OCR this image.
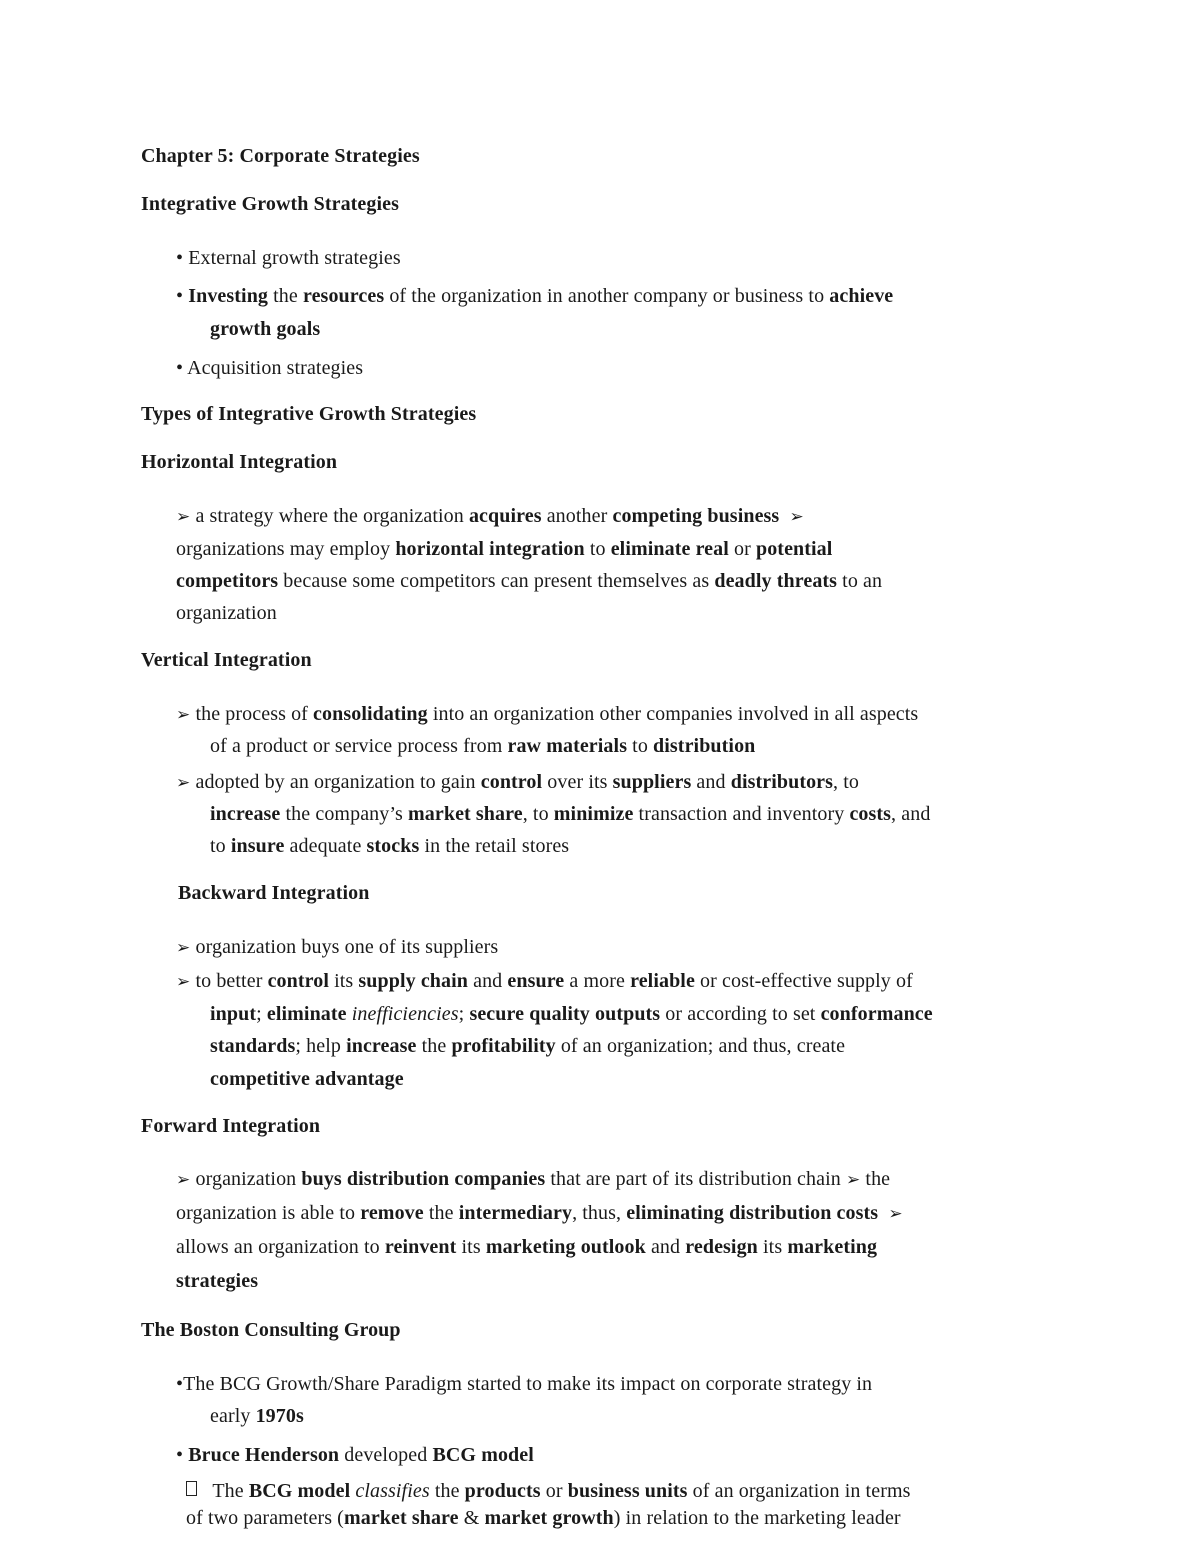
Chapter 5: Corporate Strategies
Integrative Growth Strategies
• External growth strategies
• Investing the resources of the organization in another company or business to achieve
growth goals
• Acquisition strategies
Types of Integrative Growth Strategies
Horizontal Integration
➢ a strategy where the organization acquires another competing business ➢
organizations may employ horizontal integration to eliminate real or potential
competitors because some competitors can present themselves as deadly threats to an
organization
Vertical Integration
➢ the process of consolidating into an organization other companies involved in all aspects
of a product or service process from raw materials to distribution
➢ adopted by an organization to gain control over its suppliers and distributors, to
increase the company’s market share, to minimize transaction and inventory costs, and
to insure adequate stocks in the retail stores
Backward Integration
➢ organization buys one of its suppliers
➢ to better control its supply chain and ensure a more reliable or cost-effective supply of
input; eliminate inefficiencies; secure quality outputs or according to set conformance
standards; help increase the profitability of an organization; and thus, create
competitive advantage
Forward Integration
➢ organization buys distribution companies that are part of its distribution chain ➢ the
organization is able to remove the intermediary, thus, eliminating distribution costs ➢
allows an organization to reinvent its marketing outlook and redesign its marketing
strategies
The Boston Consulting Group
•The BCG Growth/Share Paradigm started to make its impact on corporate strategy in
early 1970s
• Bruce Henderson developed BCG model
The BCG model classifies the products or business units of an organization in terms
of two parameters (market share & market growth) in relation to the marketing leader
